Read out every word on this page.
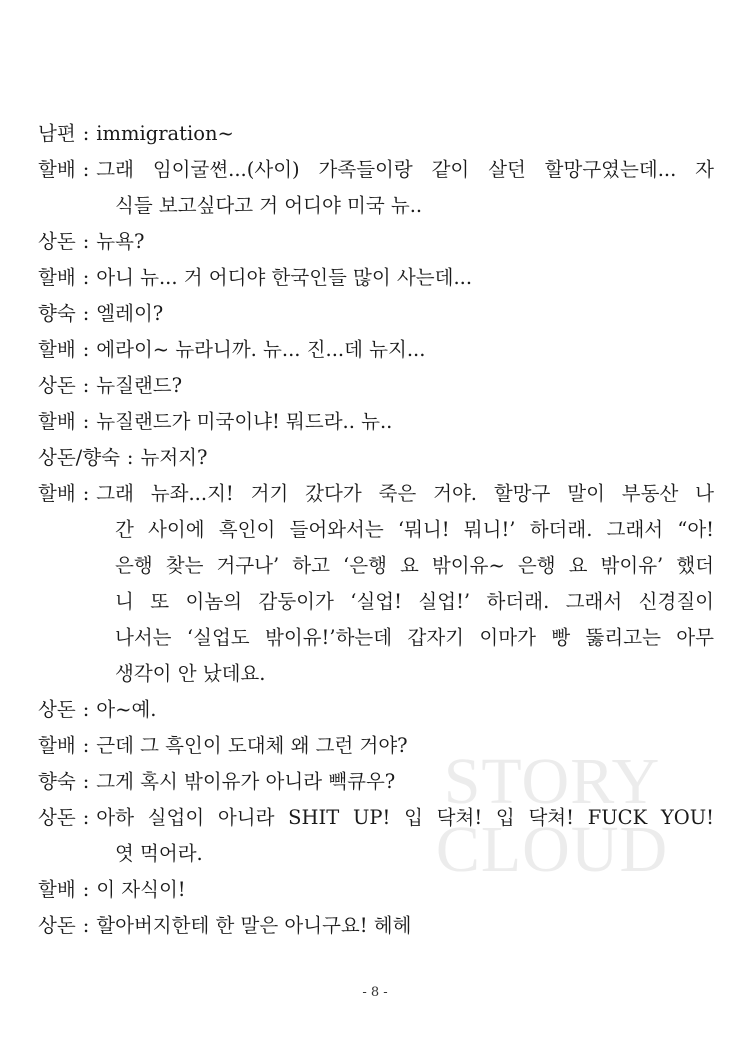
STORY
CLOUD
남편 : immigration~
할배 : 그래 임이굴쎤...(사이) 가족들이랑 같이 살던 할망구였는데... 자
식들 보고싶다고 거 어디야 미국 뉴..
상돈 : 뉴욕?
할배 : 아니 뉴... 거 어디야 한국인들 많이 사는데...
향숙 : 엘레이?
할배 : 에라이~ 뉴라니까. 뉴... 진...데 뉴지...
상돈 : 뉴질랜드?
할배 : 뉴질랜드가 미국이냐! 뭐드라.. 뉴..
상돈/향숙 : 뉴저지?
할배 : 그래 뉴좌...지! 거기 갔다가 죽은 거야. 할망구 말이 부동산 나
간 사이에 흑인이 들어와서는 ‘뭐니! 뭐니!’ 하더래. 그래서 “아!
은행 찾는 거구나’ 하고 ‘은행 요 밖이유~ 은행 요 밖이유’ 했더
니 또 이놈의 감둥이가 ‘실업! 실업!’ 하더래. 그래서 신경질이
나서는 ‘실업도 밖이유!’하는데 갑자기 이마가 빵 뚫리고는 아무
생각이 안 났데요.
상돈 : 아~예.
할배 : 근데 그 흑인이 도대체 왜 그런 거야?
향숙 : 그게 혹시 밖이유가 아니라 빽큐우?
상돈 : 아하 실업이 아니라 SHIT UP! 입 닥쳐! 입 닥쳐! FUCK YOU!
엿 먹어라.
할배 : 이 자식이!
상돈 : 할아버지한테 한 말은 아니구요! 헤헤
- 8 -
